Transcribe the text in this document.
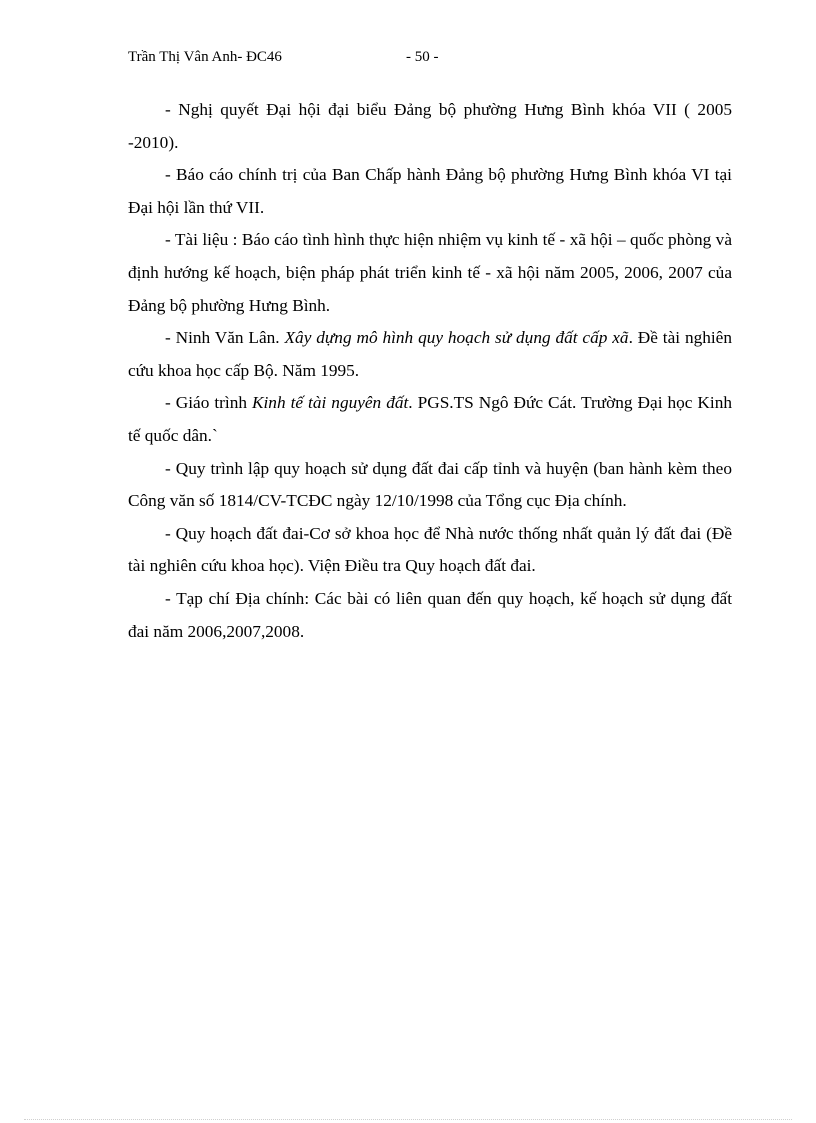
Trần Thị Vân Anh- ĐC46	- 50 -

- Nghị quyết Đại hội đại biểu Đảng bộ phường Hưng Bình khóa VII ( 2005 -2010).

- Báo cáo chính trị của Ban Chấp hành Đảng bộ phường Hưng Bình khóa VI tại Đại hội lần thứ VII.

- Tài liệu : Báo cáo tình hình thực hiện nhiệm vụ kinh tế - xã hội – quốc phòng và định hướng kế hoạch, biện pháp phát triển kinh tế - xã hội năm 2005, 2006, 2007 của Đảng bộ phường Hưng Bình.

- Ninh Văn Lân. Xây dựng mô hình quy hoạch sử dụng đất cấp xã. Đề tài nghiên cứu khoa học cấp Bộ. Năm 1995.

- Giáo trình Kinh tế tài nguyên đất. PGS.TS Ngô Đức Cát. Trường Đại học Kinh tế quốc dân.`

- Quy trình lập quy hoạch sử dụng đất đai cấp tỉnh và huyện (ban hành kèm theo Công văn số 1814/CV-TCĐC ngày 12/10/1998 của Tổng cục Địa chính.

- Quy hoạch đất đai-Cơ sở khoa học để Nhà nước thống nhất quản lý đất đai (Đề tài nghiên cứu khoa học). Viện Điều tra Quy hoạch đất đai.

- Tạp chí Địa chính: Các bài có liên quan đến quy hoạch, kế hoạch sử dụng đất đai năm 2006,2007,2008.
